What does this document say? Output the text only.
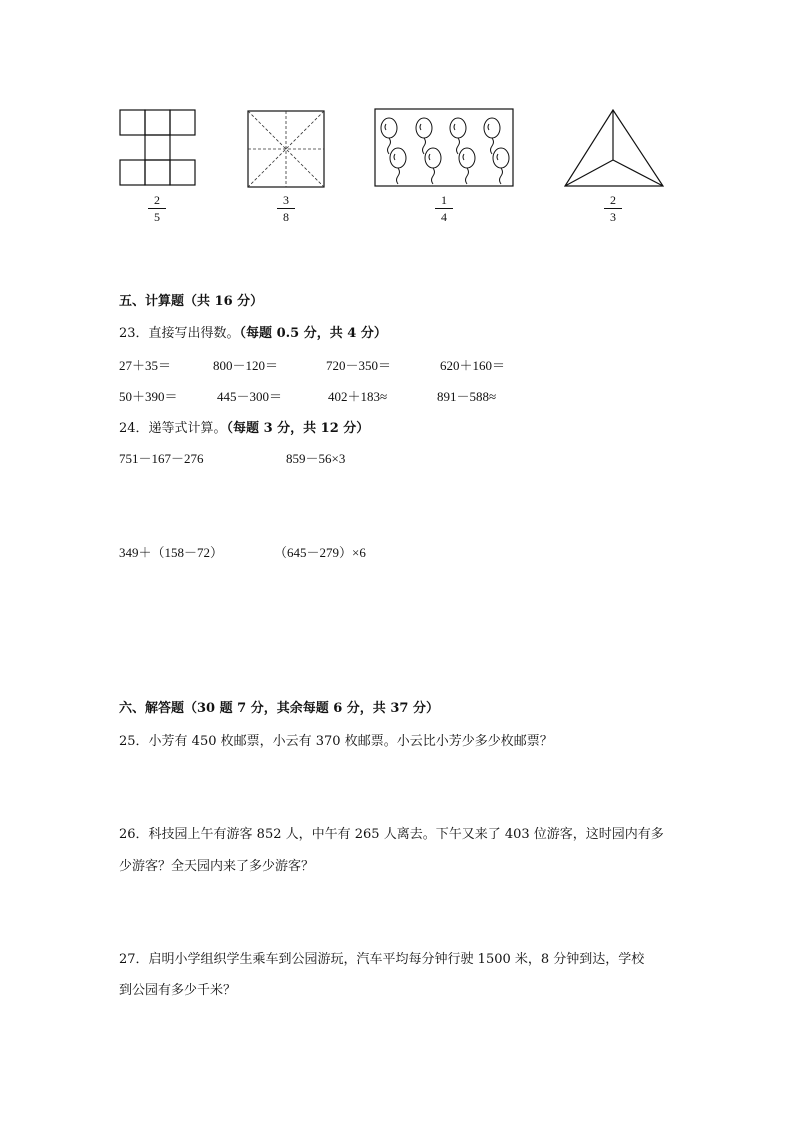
2
5
3
8
1
4
2
3
五、计算题（共 16 分）
23．直接写出得数。（每题 0.5 分，共 4 分）
27＋35＝	800－120＝	720－350＝	620＋160＝
50＋390＝	445－300＝	402＋183≈	891－588≈
24．递等式计算。（每题 3 分，共 12 分）
751－167－276	859－56×3
349＋（158－72）	（645－279）×6
六、解答题（30 题 7 分，其余每题 6 分，共 37 分）
25．小芳有 450 枚邮票，小云有 370 枚邮票。小云比小芳少多少枚邮票？
26．科技园上午有游客 852 人，中午有 265 人离去。下午又来了 403 位游客，这时园内有多
少游客？全天园内来了多少游客？
27．启明小学组织学生乘车到公园游玩，汽车平均每分钟行驶 1500 米，8 分钟到达，学校
到公园有多少千米？
